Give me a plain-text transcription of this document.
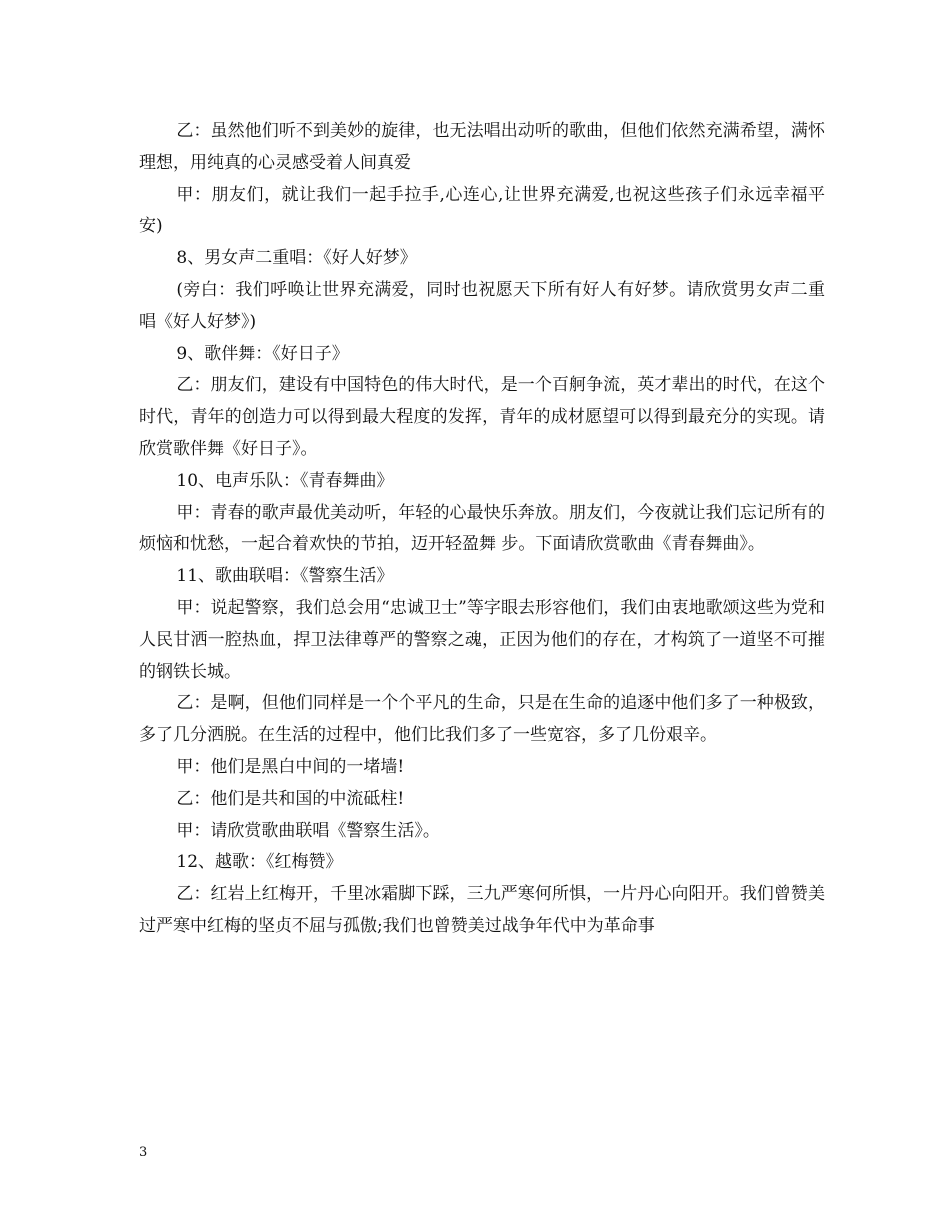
乙：虽然他们听不到美妙的旋律，也无法唱出动听的歌曲，但他们依然充满希望，满怀理想，用纯真的心灵感受着人间真爱

甲：朋友们，就让我们一起手拉手,心连心,让世界充满爱,也祝这些孩子们永远幸福平安)

8、男女声二重唱：《好人好梦》

(旁白：我们呼唤让世界充满爱，同时也祝愿天下所有好人有好梦。请欣赏男女声二重唱《好人好梦》)

9、歌伴舞：《好日子》

乙：朋友们，建设有中国特色的伟大时代，是一个百舸争流，英才辈出的时代，在这个时代，青年的创造力可以得到最大程度的发挥，青年的成材愿望可以得到最充分的实现。请欣赏歌伴舞《好日子》。

10、电声乐队：《青春舞曲》

甲：青春的歌声最优美动听，年轻的心最快乐奔放。朋友们，今夜就让我们忘记所有的烦恼和忧愁，一起合着欢快的节拍，迈开轻盈舞 步。下面请欣赏歌曲《青春舞曲》。

11、歌曲联唱：《警察生活》

甲：说起警察，我们总会用“忠诚卫士”等字眼去形容他们，我们由衷地歌颂这些为党和人民甘洒一腔热血，捍卫法律尊严的警察之魂，正因为他们的存在，才构筑了一道坚不可摧的钢铁长城。

乙：是啊，但他们同样是一个个平凡的生命，只是在生命的追逐中他们多了一种极致，多了几分洒脱。在生活的过程中，他们比我们多了一些宽容，多了几份艰辛。

甲：他们是黑白中间的一堵墙!

乙：他们是共和国的中流砥柱!

甲：请欣赏歌曲联唱《警察生活》。

12、越歌：《红梅赞》

乙：红岩上红梅开，千里冰霜脚下踩，三九严寒何所惧，一片丹心向阳开。我们曾赞美过严寒中红梅的坚贞不屈与孤傲;我们也曾赞美过战争年代中为革命事

3
